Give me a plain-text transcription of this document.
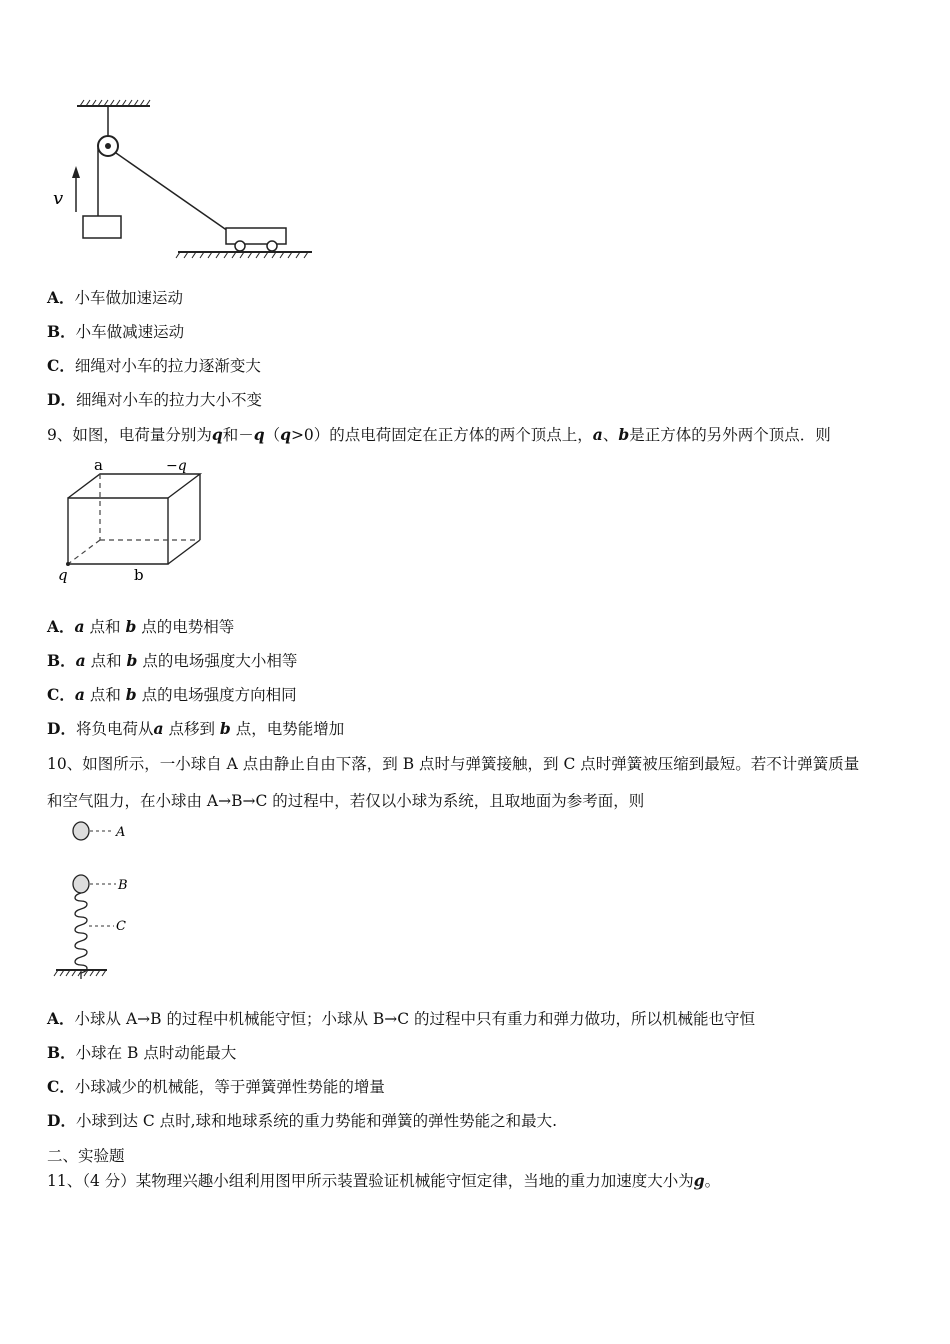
v
A．小车做加速运动
B．小车做减速运动
C．细绳对小车的拉力逐渐变大
D．细绳对小车的拉力大小不变
9、如图，电荷量分别为q和－q（q>0）的点电荷固定在正方体的两个顶点上，a、b是正方体的另外两个顶点．则
a	−q
q	b
A．a 点和 b 点的电势相等
B．a 点和 b 点的电场强度大小相等
C．a 点和 b 点的电场强度方向相同
D．将负电荷从a 点移到 b 点，电势能增加
10、如图所示，一小球自 A 点由静止自由下落，到 B 点时与弹簧接触，到 C 点时弹簧被压缩到最短。若不计弹簧质量
和空气阻力，在小球由 A→B→C 的过程中，若仅以小球为系统，且取地面为参考面，则
A
B
C
A．小球从 A→B 的过程中机械能守恒；小球从 B→C 的过程中只有重力和弹力做功，所以机械能也守恒
B．小球在 B 点时动能最大
C．小球减少的机械能，等于弹簧弹性势能的增量
D．小球到达 C 点时,球和地球系统的重力势能和弹簧的弹性势能之和最大.
二、实验题
11、（4 分）某物理兴趣小组利用图甲所示装置验证机械能守恒定律，当地的重力加速度大小为g。
